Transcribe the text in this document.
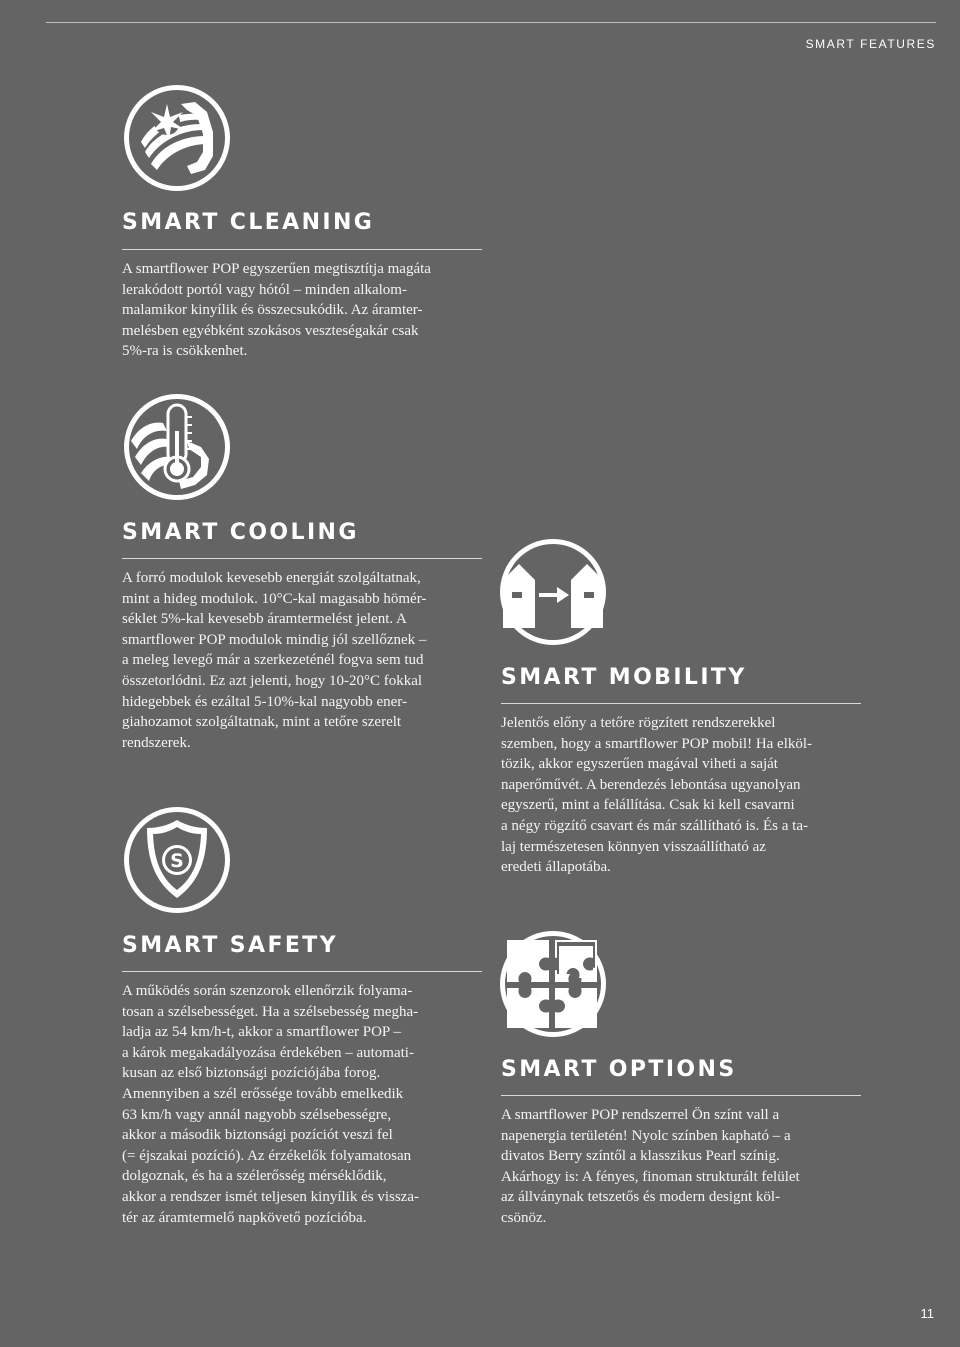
SMART FEATURES
SMART CLEANING
A smartflower POP egyszerűen megtisztítja magáta
lerakódott portól vagy hótól – minden alkalom-
malamikor kinyílik és összecsukódik. Az áramter-
melésben egyébként szokásos veszteségakár csak
5%-ra is csökkenhet.
SMART COOLING
A forró modulok kevesebb energiát szolgáltatnak,
mint a hideg modulok. 10°C-kal magasabb hömér-
séklet 5%-kal kevesebb áramtermelést jelent. A
smartflower POP modulok mindig jól szellőznek –
a meleg levegő már a szerkezeténél fogva sem tud
összetorlódni. Ez azt jelenti, hogy 10-20°C fokkal
hidegebbek és ezáltal 5-10%-kal nagyobb ener-
giahozamot szolgáltatnak, mint a tetőre szerelt
rendszerek.
SMART MOBILITY
Jelentős előny a tetőre rögzített rendszerekkel
szemben, hogy a smartflower POP mobil! Ha elköl-
tözik, akkor egyszerűen magával viheti a saját
naperőművét. A berendezés lebontása ugyanolyan
egyszerű, mint a felállítása. Csak ki kell csavarni
a négy rögzítő csavart és már szállítható is. És a ta-
laj természetesen könnyen visszaállítható az
eredeti állapotába.
S
SMART SAFETY
A működés során szenzorok ellenőrzik folyama-
tosan a szélsebességet. Ha a szélsebesség megha-
ladja az 54 km/h-t, akkor a smartflower POP –
a károk megakadályozása érdekében – automati-
kusan az első biztonsági pozíciójába forog.
Amennyiben a szél erőssége tovább emelkedik
63 km/h vagy annál nagyobb szélsebességre,
akkor a második biztonsági pozíciót veszi fel
(= éjszakai pozíció). Az érzékelők folyamatosan
dolgoznak, és ha a szélerősség mérséklődik,
akkor a rendszer ismét teljesen kinyílik és vissza-
tér az áramtermelő napkövető pozícióba.
SMART OPTIONS
A smartflower POP rendszerrel Ön színt vall a
napenergia területén! Nyolc színben kapható – a
divatos Berry színtől a klasszikus Pearl színig.
Akárhogy is: A fényes, finoman strukturált felület
az állványnak tetszetős és modern designt köl-
csönöz.
11
